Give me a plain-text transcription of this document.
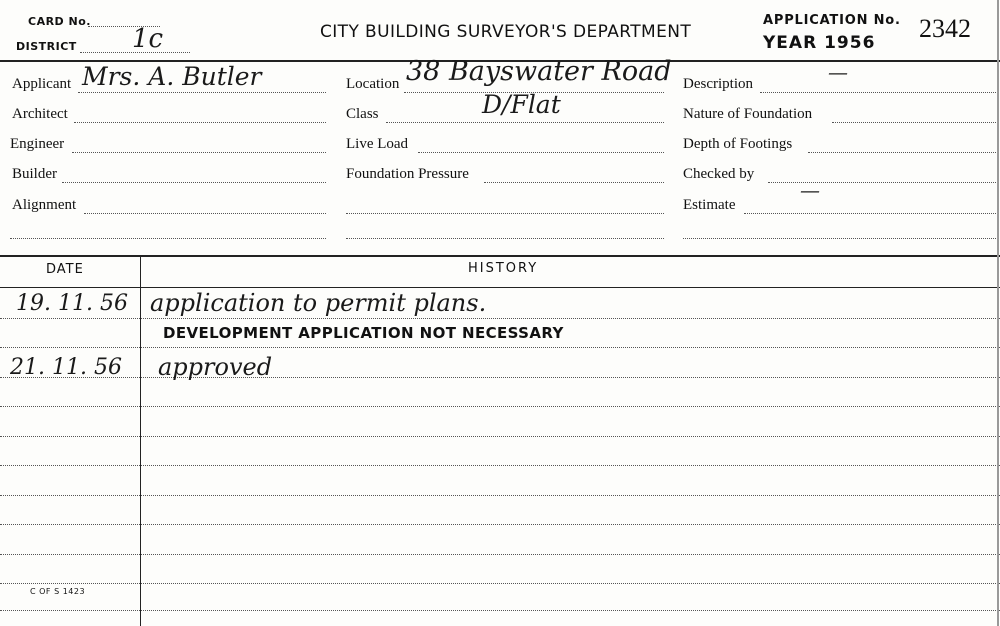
CARD No.
DISTRICT 1c	CITY BUILDING SURVEYOR'S DEPARTMENT
APPLICATION No.
YEAR 1956 2342
Applicant Mrs. A. Butler
Architect
Engineer
Builder
Alignment
Location 38 Bayswater Road
Class	D/Flat
Live Load
Foundation Pressure
Description	—
Nature of Foundation
Depth of Footings
Checked by
Estimate
—
DATE	HISTORY
19. 11. 56 application to permit plans.
DEVELOPMENT APPLICATION NOT NECESSARY
21. 11. 56 approved
C OF S 1423
